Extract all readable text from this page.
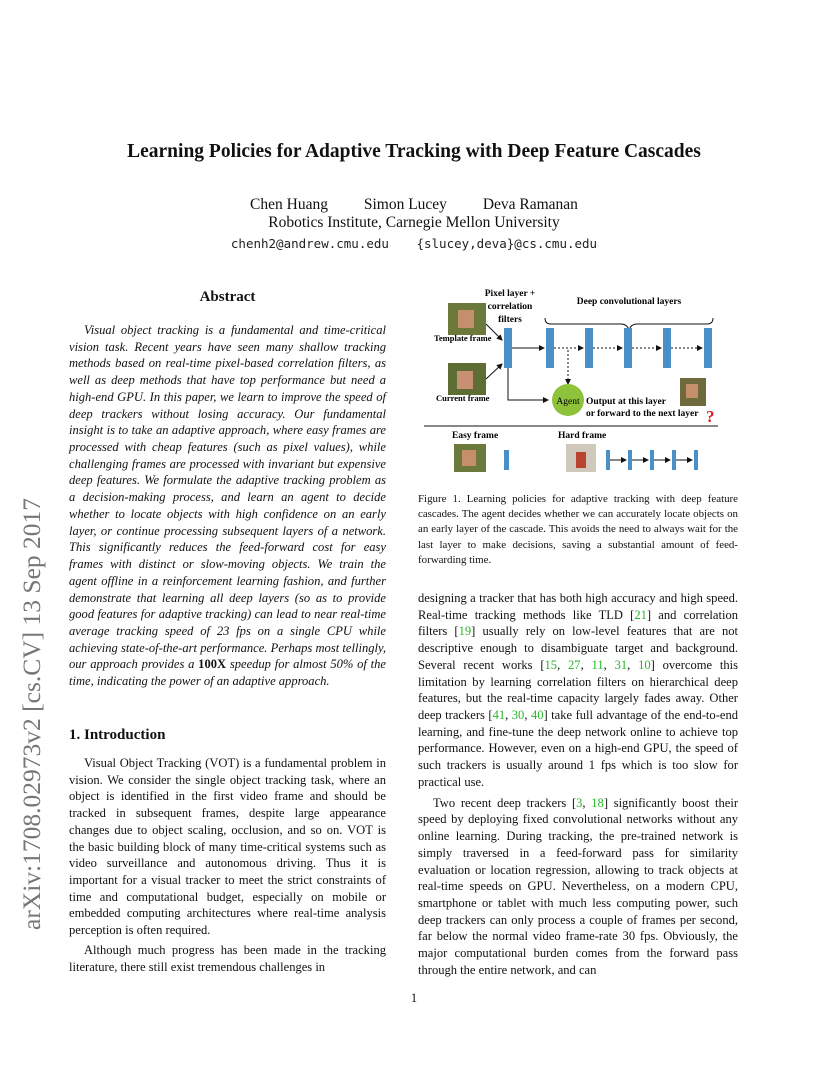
Learning Policies for Adaptive Tracking with Deep Feature Cascades
Chen Huang Simon Lucey Deva Ramanan
Robotics Institute, Carnegie Mellon University
chenh2@andrew.cmu.edu {slucey,deva}@cs.cmu.edu
arXiv:1708.02973v2 [cs.CV] 13 Sep 2017
Abstract

Visual object tracking is a fundamental and time-critical vision task. Recent years have seen many shallow tracking methods based on real-time pixel-based correlation filters, as well as deep methods that have top performance but need a high-end GPU. In this paper, we learn to improve the speed of deep trackers without losing accuracy. Our fundamental insight is to take an adaptive approach, where easy frames are processed with cheap features (such as pixel values), while challenging frames are processed with invariant but expensive deep features. We formulate the adaptive tracking problem as a decision-making process, and learn an agent to decide whether to locate objects with high confidence on an early layer, or continue processing subsequent layers of a network. This significantly reduces the feed-forward cost for easy frames with distinct or slow-moving objects. We train the agent offline in a reinforcement learning fashion, and further demonstrate that learning all deep layers (so as to provide good features for adaptive tracking) can lead to near real-time average tracking speed of 23 fps on a single CPU while achieving state-of-the-art performance. Perhaps most tellingly, our approach provides a 100X speedup for almost 50% of the time, indicating the power of an adaptive approach.

1. Introduction

Visual Object Tracking (VOT) is a fundamental problem in vision. We consider the single object tracking task, where an object is identified in the first video frame and should be tracked in subsequent frames, despite large appearance changes due to object scaling, occlusion, and so on. VOT is the basic building block of many time-critical systems such as video surveillance and autonomous driving. Thus it is important for a visual tracker to meet the strict constraints of time and computational budget, especially on mobile or embedded computing architectures where real-time analysis perception is often required.

Although much progress has been made in the tracking literature, there still exist tremendous challenges in

Pixel layer +
correlation
filters
Deep convolutional layers
Template frame
Current frame	Agent Output at this layer
or forward to the next layer ?
Easy frame	Hard frame
Figure 1. Learning policies for adaptive tracking with deep feature cascades. The agent decides whether we can accurately locate objects on an early layer of the cascade. This avoids the need to always wait for the last layer to make decisions, saving a substantial amount of feed-forwarding time.

designing a tracker that has both high accuracy and high speed. Real-time tracking methods like TLD [21] and correlation filters [19] usually rely on low-level features that are not descriptive enough to disambiguate target and background. Several recent works [15, 27, 11, 31, 10] overcome this limitation by learning correlation filters on hierarchical deep features, but the real-time capacity largely fades away. Other deep trackers [41, 30, 40] take full advantage of the end-to-end learning, and fine-tune the deep network online to achieve top performance. However, even on a high-end GPU, the speed of such trackers is usually around 1 fps which is too slow for practical use.

Two recent deep trackers [3, 18] significantly boost their speed by deploying fixed convolutional networks without any online learning. During tracking, the pre-trained network is simply traversed in a feed-forward pass for similarity evaluation or location regression, allowing to track objects at real-time speeds on GPU. Nevertheless, on a modern CPU, smartphone or tablet with much less computing power, such deep trackers can only process a couple of frames per second, far below the normal video frame-rate 30 fps. Obviously, the major computational burden comes from the forward pass through the entire network, and can

1
